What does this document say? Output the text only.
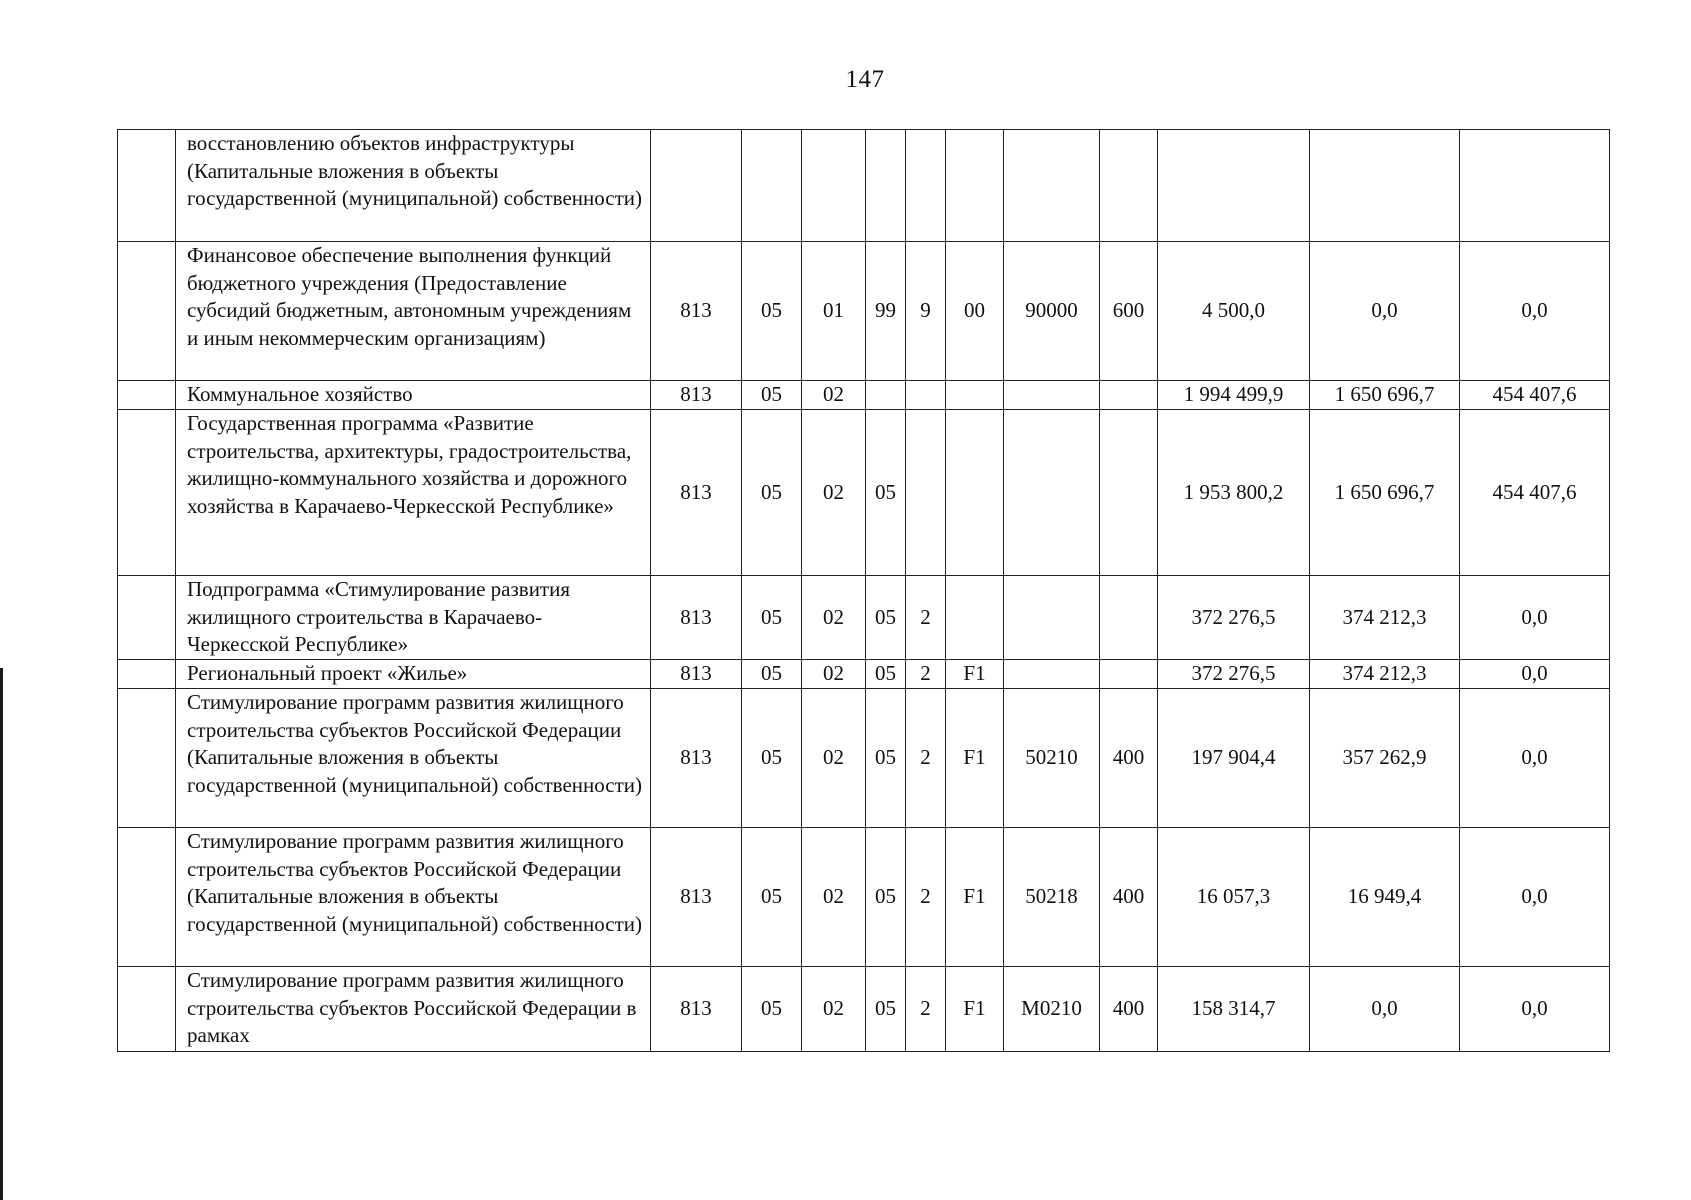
147
	восстановлению объектов инфраструктуры (Капитальные вложения в объекты государственной (муниципальной) собственности)											
	Финансовое обеспечение выполнения функций бюджетного учреждения (Предоставление субсидий бюджетным, автономным учреждениям и иным некоммерческим организациям)	813	05	01	99	9	00	90000	600	4 500,0	0,0	0,0
	Коммунальное хозяйство	813	05	02						1 994 499,9	1 650 696,7	454 407,6
	Государственная программа «Развитие строительства, архитектуры, градостроительства, жилищно-коммунального хозяйства и дорожного хозяйства в Карачаево-Черкесской Республике»	813	05	02	05					1 953 800,2	1 650 696,7	454 407,6
	Подпрограмма «Стимулирование развития жилищного строительства в Карачаево-Черкесской Республике»	813	05	02	05	2				372 276,5	374 212,3	0,0
	Региональный проект «Жилье»	813	05	02	05	2	F1			372 276,5	374 212,3	0,0
	Стимулирование программ развития жилищного строительства субъектов Российской Федерации (Капитальные вложения в объекты государственной (муниципальной) собственности)	813	05	02	05	2	F1	50210	400	197 904,4	357 262,9	0,0
	Стимулирование программ развития жилищного строительства субъектов Российской Федерации (Капитальные вложения в объекты государственной (муниципальной) собственности)	813	05	02	05	2	F1	50218	400	16 057,3	16 949,4	0,0
	Стимулирование программ развития жилищного строительства субъектов Российской Федерации в рамках	813	05	02	05	2	F1	M0210	400	158 314,7	0,0	0,0
